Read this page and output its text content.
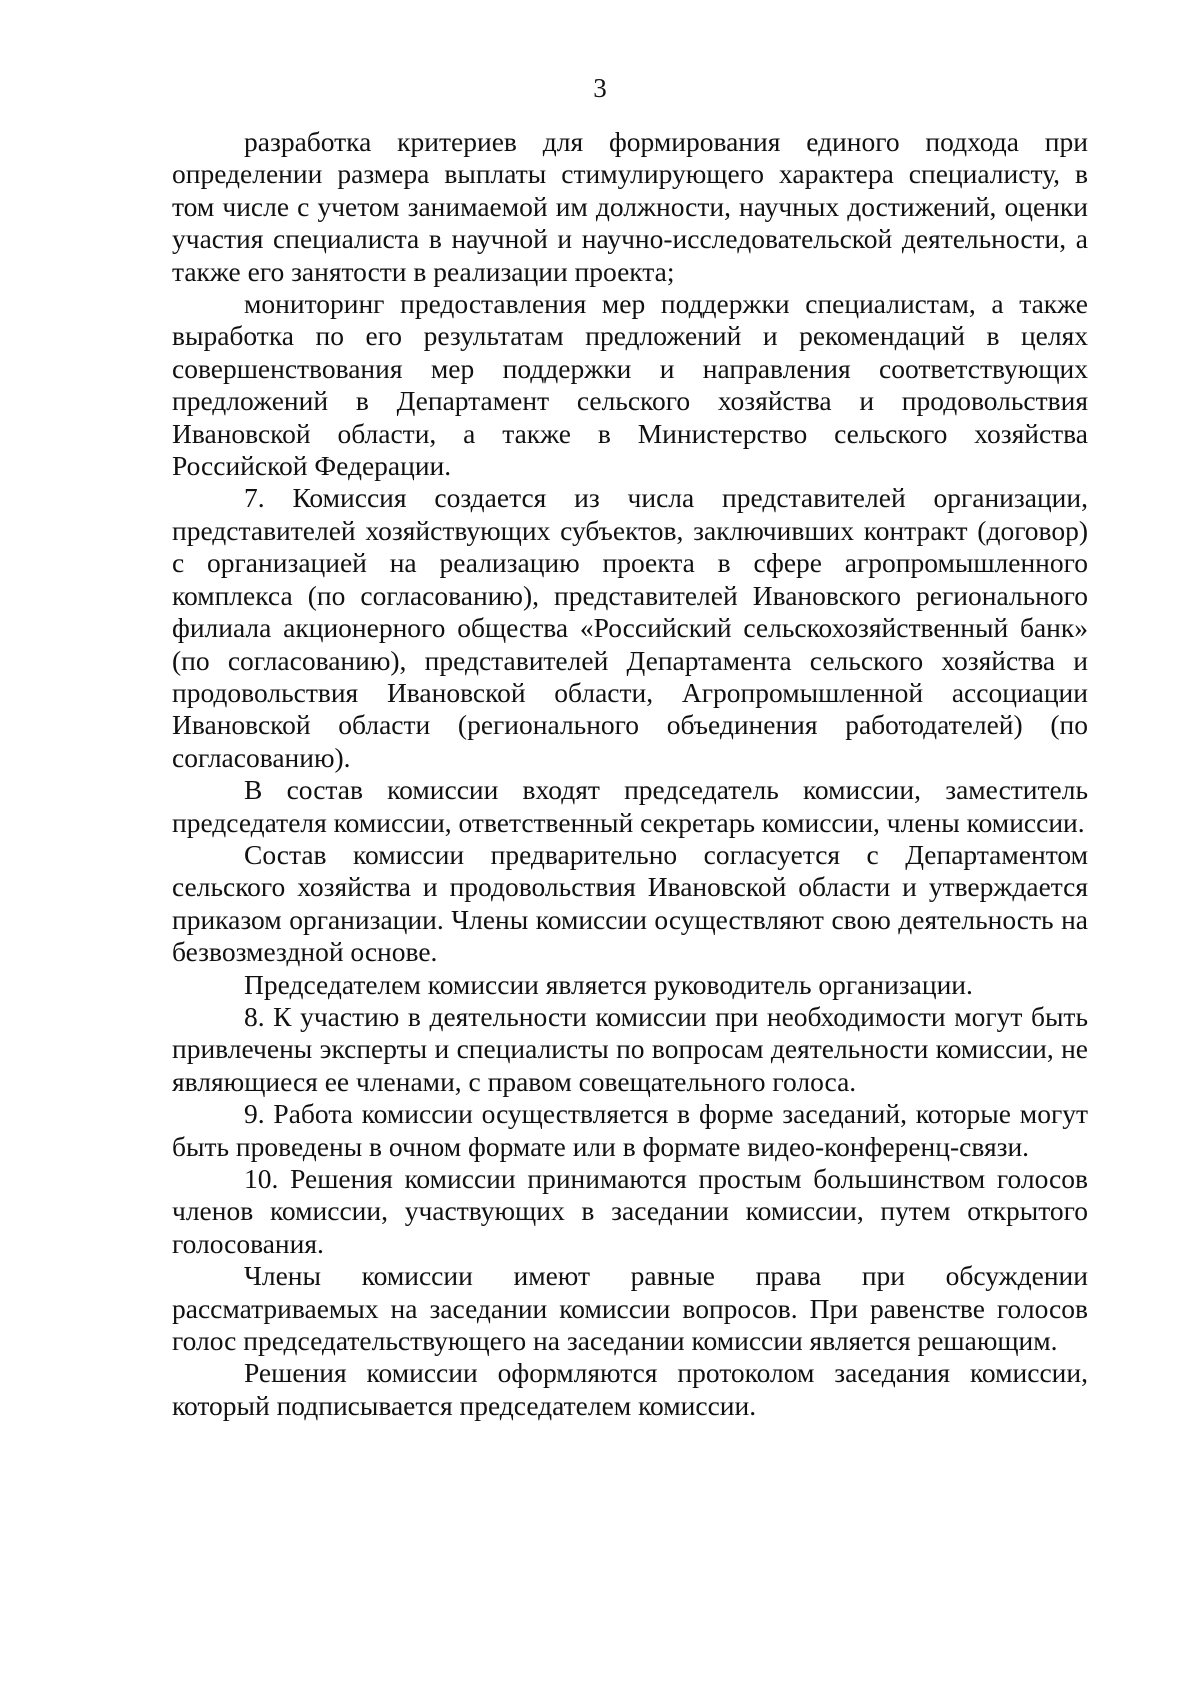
3

разработка критериев для формирования единого подхода при определении размера выплаты стимулирующего характера специалисту, в том числе с учетом занимаемой им должности, научных достижений, оценки участия специалиста в научной и научно-исследовательской деятельности, а также его занятости в реализации проекта;

мониторинг предоставления мер поддержки специалистам, а также выработка по его результатам предложений и рекомендаций в целях совершенствования мер поддержки и направления соответствующих предложений в Департамент сельского хозяйства и продовольствия Ивановской области, а также в Министерство сельского хозяйства Российской Федерации.

7. Комиссия создается из числа представителей организации, представителей хозяйствующих субъектов, заключивших контракт (договор) с организацией на реализацию проекта в сфере агропромышленного комплекса (по согласованию), представителей Ивановского регионального филиала акционерного общества «Российский сельскохозяйственный банк» (по согласованию), представителей Департамента сельского хозяйства и продовольствия Ивановской области, Агропромышленной ассоциации Ивановской области (регионального объединения работодателей) (по согласованию).

В состав комиссии входят председатель комиссии, заместитель председателя комиссии, ответственный секретарь комиссии, члены комиссии.

Состав комиссии предварительно согласуется с Департаментом сельского хозяйства и продовольствия Ивановской области и утверждается приказом организации. Члены комиссии осуществляют свою деятельность на безвозмездной основе.

Председателем комиссии является руководитель организации.

8. К участию в деятельности комиссии при необходимости могут быть привлечены эксперты и специалисты по вопросам деятельности комиссии, не являющиеся ее членами, с правом совещательного голоса.

9. Работа комиссии осуществляется в форме заседаний, которые могут быть проведены в очном формате или в формате видео-конференц-связи.

10. Решения комиссии принимаются простым большинством голосов членов комиссии, участвующих в заседании комиссии, путем открытого голосования.

Члены комиссии имеют равные права при обсуждении рассматриваемых на заседании комиссии вопросов. При равенстве голосов голос председательствующего на заседании комиссии является решающим.

Решения комиссии оформляются протоколом заседания комиссии, который подписывается председателем комиссии.
